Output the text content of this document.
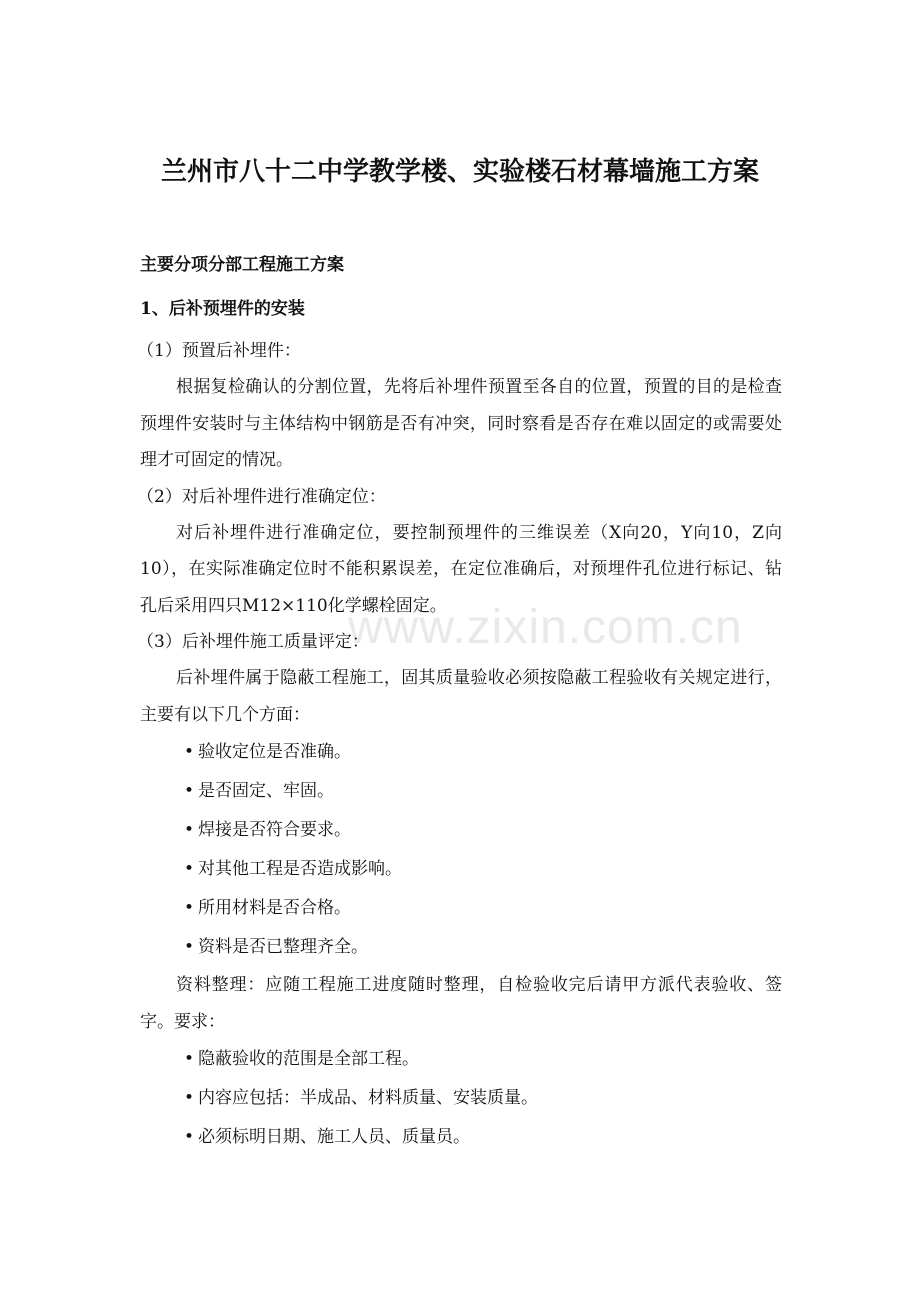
www.zixin.com.cn
兰州市八十二中学教学楼、实验楼石材幕墙施工方案
主要分项分部工程施工方案
1、后补预埋件的安装
（1）预置后补埋件：

根据复检确认的分割位置，先将后补埋件预置至各自的位置，预置的目的是检查预埋件安装时与主体结构中钢筋是否有冲突，同时察看是否存在难以固定的或需要处理才可固定的情况。

（2）对后补埋件进行准确定位：

对后补埋件进行准确定位，要控制预埋件的三维误差（X向20，Y向10，Z向10），在实际准确定位时不能积累误差，在定位准确后，对预埋件孔位进行标记、钻孔后采用四只M12×110化学螺栓固定。

（3）后补埋件施工质量评定：

后补埋件属于隐蔽工程施工，固其质量验收必须按隐蔽工程验收有关规定进行，主要有以下几个方面：

• 验收定位是否准确。
• 是否固定、牢固。
• 焊接是否符合要求。
• 对其他工程是否造成影响。
• 所用材料是否合格。
• 资料是否已整理齐全。

资料整理：应随工程施工进度随时整理，自检验收完后请甲方派代表验收、签字。要求：

• 隐蔽验收的范围是全部工程。
• 内容应包括：半成品、材料质量、安装质量。
• 必须标明日期、施工人员、质量员。
